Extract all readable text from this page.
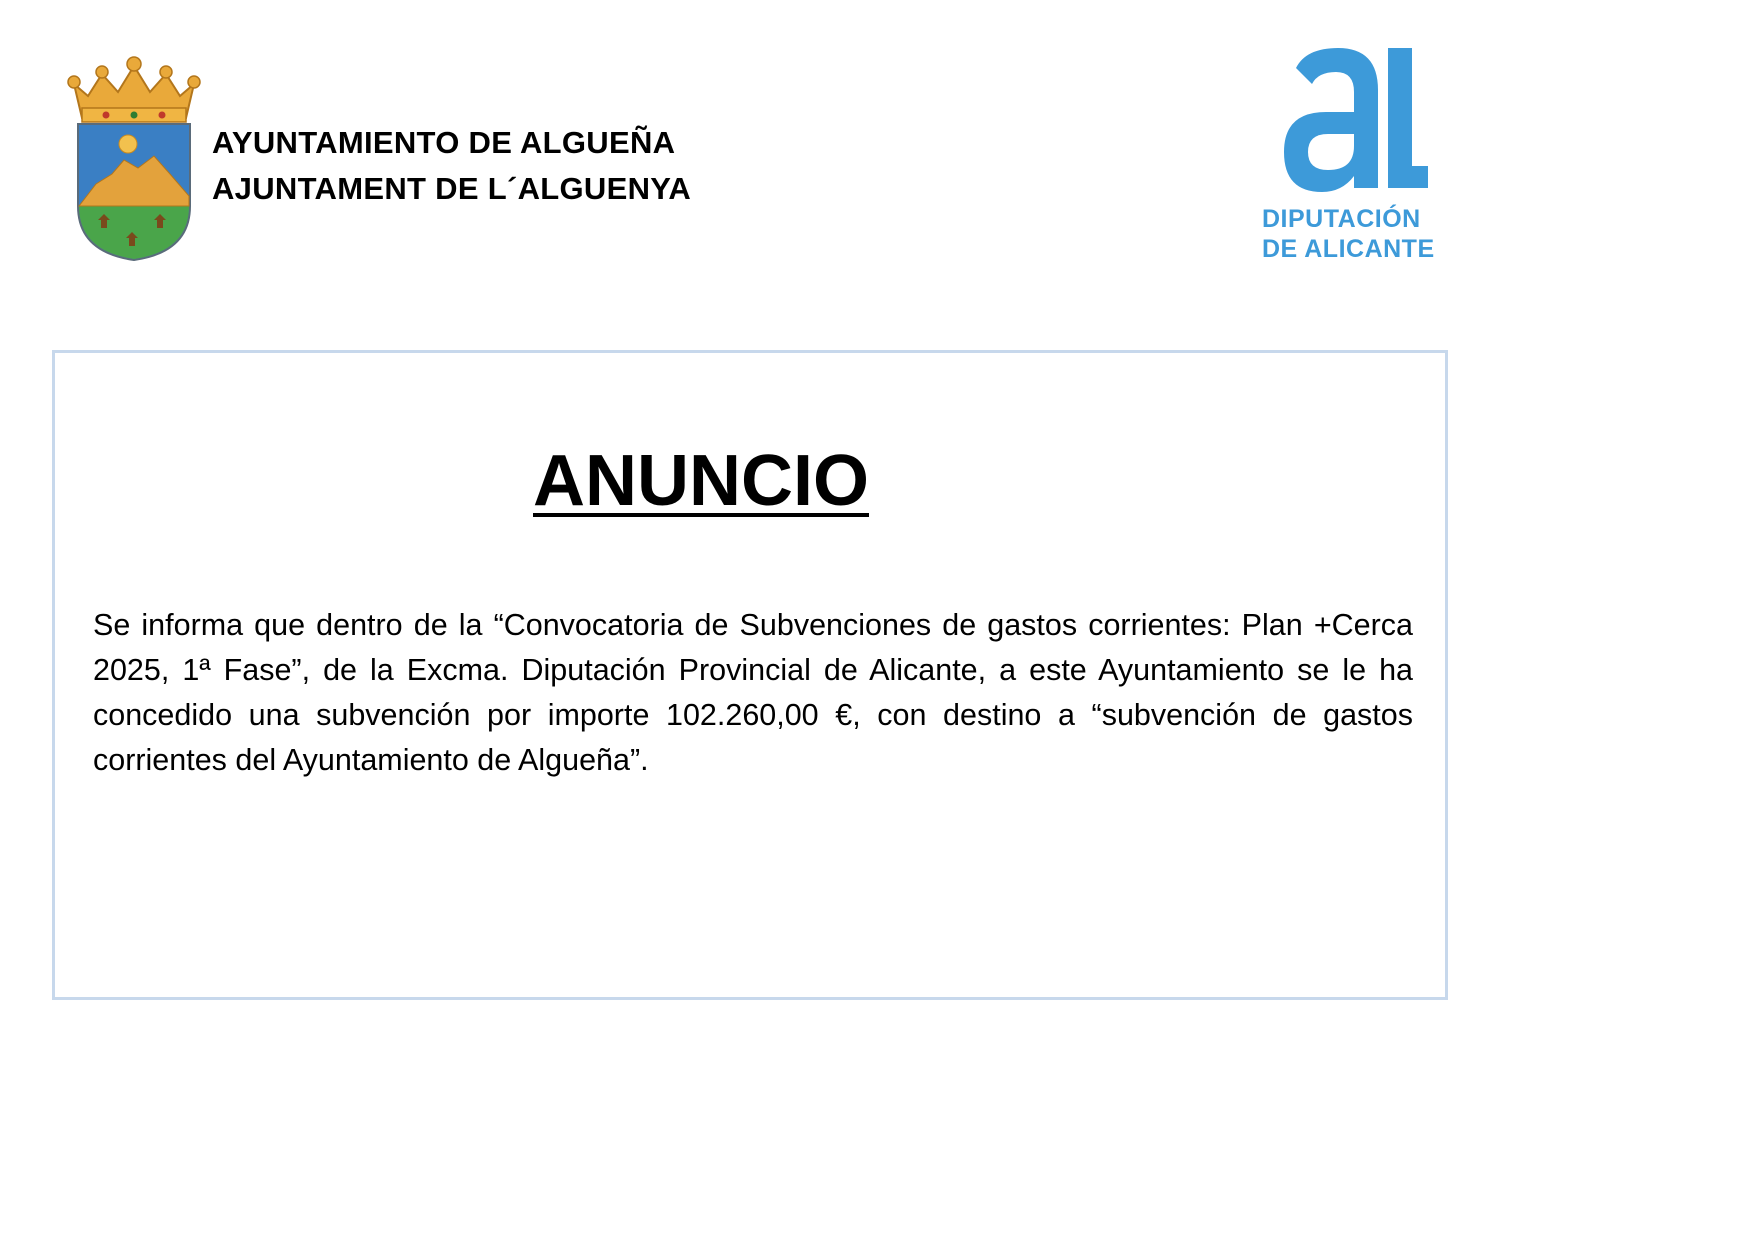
AYUNTAMIENTO DE ALGUEÑA
AJUNTAMENT DE L´ALGUENYA
DIPUTACIÓN
DE ALICANTE
ANUNCIO

Se informa que dentro de la “Convocatoria de Subvenciones de gastos corrientes: Plan +Cerca 2025, 1ª Fase”, de la Excma. Diputación Provincial de Alicante, a este Ayuntamiento se le ha concedido una subvención por importe 102.260,00 €, con destino a “subvención de gastos corrientes del Ayuntamiento de Algueña”.
